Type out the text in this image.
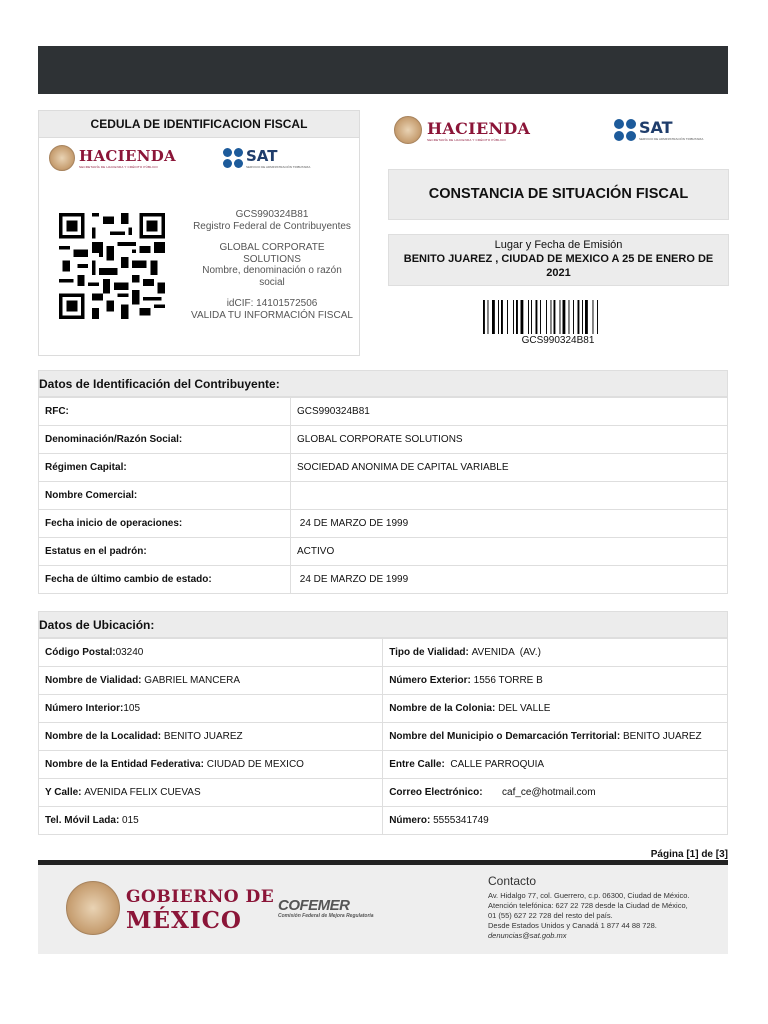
CEDULA DE IDENTIFICACION FISCAL
HACIENDA
SECRETARÍA DE HACIENDA Y CRÉDITO PÚBLICO
SAT
SERVICIO DE ADMINISTRACIÓN TRIBUTARIA
GCS990324B81
Registro Federal de Contribuyentes
GLOBAL CORPORATE SOLUTIONS
Nombre, denominación o razón social
idCIF: 14101572506
VALIDA TU INFORMACIÓN FISCAL
HACIENDA
SECRETARÍA DE HACIENDA Y CRÉDITO PÚBLICO
SAT
SERVICIO DE ADMINISTRACIÓN TRIBUTARIA
CONSTANCIA DE SITUACIÓN FISCAL
Lugar y Fecha de Emisión
BENITO JUAREZ , CIUDAD DE MEXICO A 25 DE ENERO DE 2021
GCS990324B81
Datos de Identificación del Contribuyente:
RFC:	GCS990324B81
Denominación/Razón Social:	GLOBAL CORPORATE SOLUTIONS
Régimen Capital:	SOCIEDAD ANONIMA DE CAPITAL VARIABLE
Nombre Comercial:	
Fecha inicio de operaciones:	24 DE MARZO DE 1999
Estatus en el padrón:	ACTIVO
Fecha de último cambio de estado:	24 DE MARZO DE 1999
Datos de Ubicación:
Código Postal:03240	Tipo de Vialidad: AVENIDA  (AV.)
Nombre de Vialidad: GABRIEL MANCERA	Número Exterior: 1556 TORRE B
Número Interior:105	Nombre de la Colonia: DEL VALLE
Nombre de la Localidad: BENITO JUAREZ	Nombre del Municipio o Demarcación Territorial: BENITO JUAREZ
Nombre de la Entidad Federativa: CIUDAD DE MEXICO	Entre Calle:  CALLE PARROQUIA
Y Calle: AVENIDA FELIX CUEVAS	Correo Electrónico:       caf_ce@hotmail.com
Tel. Móvil Lada: 015	Número: 5555341749
Página [1] de [3]
GOBIERNO DE
MÉXICO
COFEMER
Comisión Federal de Mejora Regulatoria
Contacto
Av. Hidalgo 77, col. Guerrero, c.p. 06300, Ciudad de México.
Atención telefónica: 627 22 728 desde la Ciudad de México,
01 (55) 627 22 728 del resto del país.
Desde Estados Unidos y Canadá 1 877 44 88 728.
denuncias@sat.gob.mx
